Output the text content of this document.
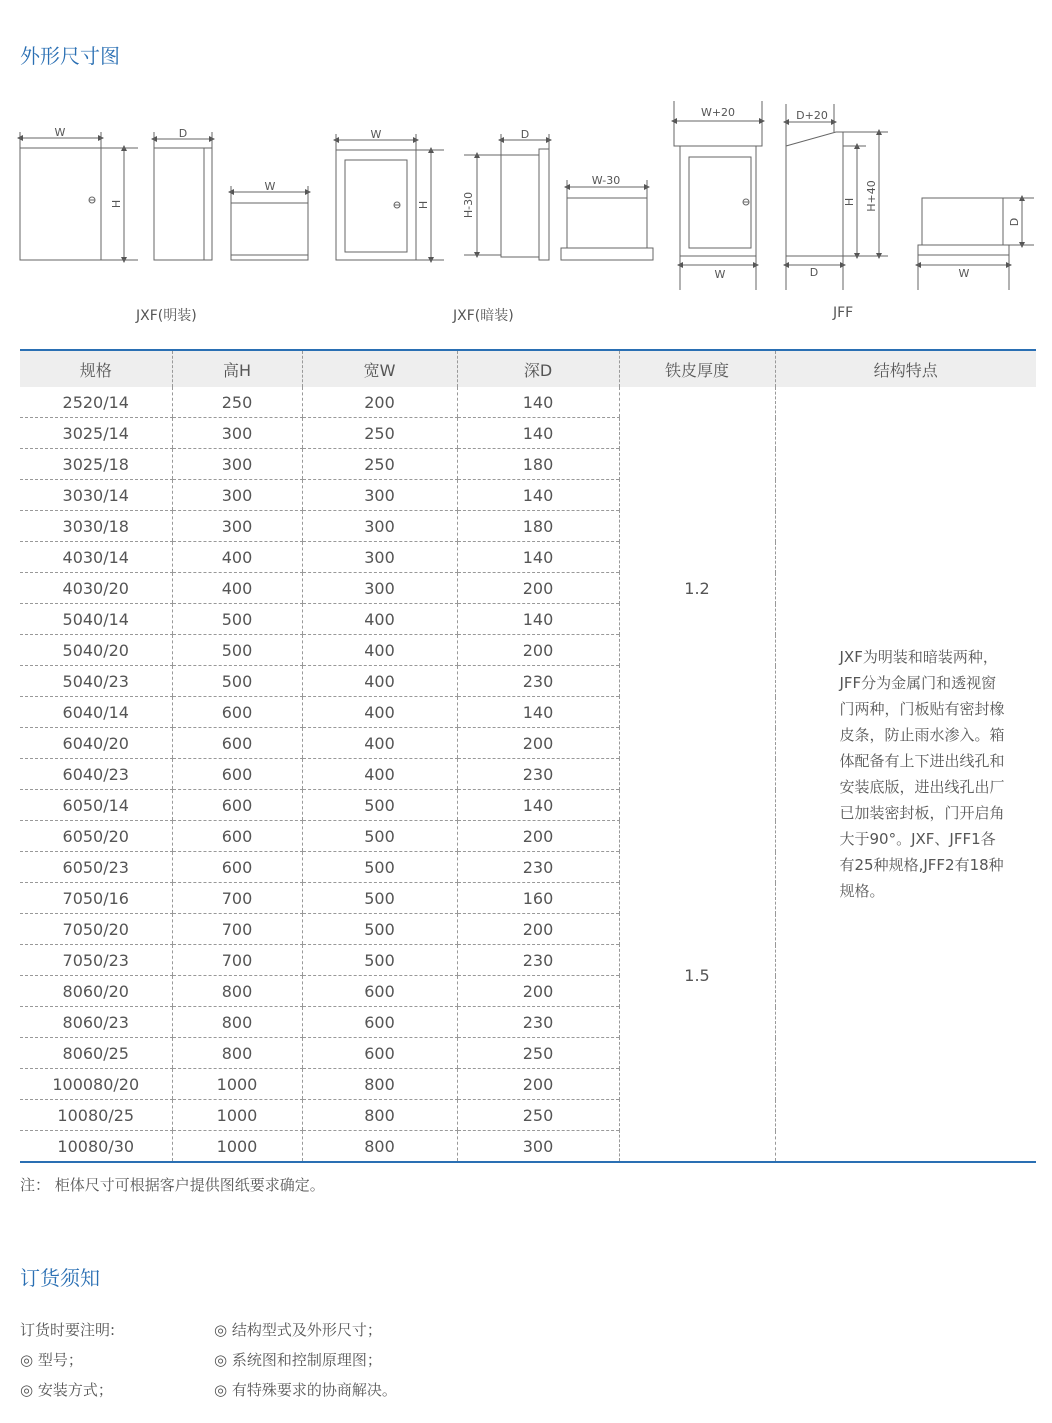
外形尺寸图
W
H
D
W
W
H	H-30
D
W-30
W+20
W
D+20
D
H H+40
D
W
JXF(明装)	JXF(暗装)	JFF
规格	高H	宽W	深D	铁皮厚度	结构特点
2520/14	250	200	140	1.2	JXF为明装和暗装两种，JFF分为金属门和透视窗门两种，门板贴有密封橡皮条，防止雨水渗入。箱体配备有上下进出线孔和安装底版，进出线孔出厂已加装密封板，门开启角大于90°。JXF、JFF1各有25种规格,JFF2有18种规格。
3025/14	300	250	140		
3025/18	300	250	180		
3030/14	300	300	140		
3030/18	300	300	180		
4030/14	400	300	140		
4030/20	400	300	200		
5040/14	500	400	140		
5040/20	500	400	200		
5040/23	500	400	230		
6040/14	600	400	140		
6040/20	600	400	200		
6040/23	600	400	230		
6050/14	600	500	140	1.5	
6050/20	600	500	200		
6050/23	600	500	230		
7050/16	700	500	160		
7050/20	700	500	200		
7050/23	700	500	230		
8060/20	800	600	200		
8060/23	800	600	230		
8060/25	800	600	250		
100080/20	1000	800	200		
10080/25	1000	800	250		
10080/30	1000	800	300		
注： 柜体尺寸可根据客户提供图纸要求确定。
订货须知
订货时要注明:	◎ 结构型式及外形尺寸；
◎ 型号；	◎ 系统图和控制原理图；
◎ 安装方式；	◎ 有特殊要求的协商解决。
